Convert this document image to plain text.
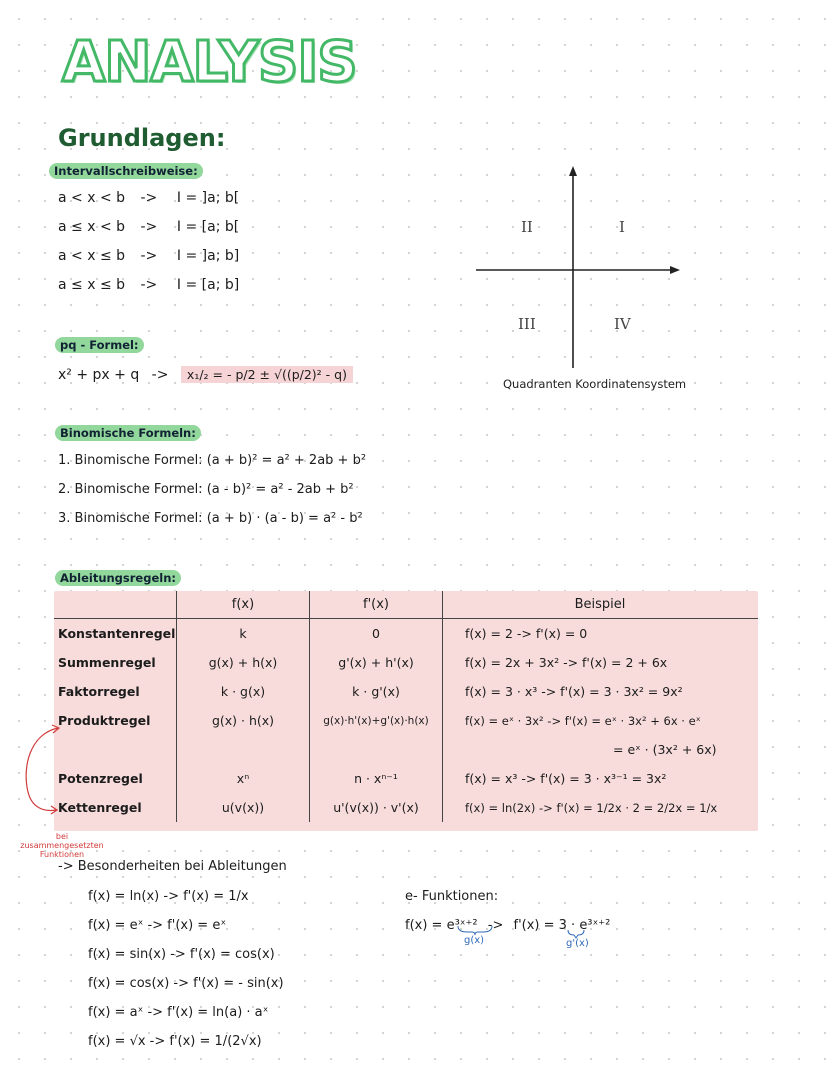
ANALYSIS
Grundlagen:
Intervallschreibweise:
a < x < b -> I = ]a; b[
a ≤ x < b -> I = [a; b[
a < x ≤ b -> I = ]a; b]
a ≤ x ≤ b -> I = [a; b]
I
II
III	IV
Quadranten Koordinatensystem
pq - Formel:
x² + px + q -> x₁/₂ = - p/2 ± √((p/2)² - q)
Binomische Formeln:
1. Binomische Formel: (a + b)² = a² + 2ab + b²
2. Binomische Formel: (a - b)² = a² - 2ab + b²
3. Binomische Formel: (a + b) · (a - b) = a² - b²
Ableitungsregeln:
	f(x)	f'(x)	Beispiel
Konstantenregel	k	0	f(x) = 2 -> f'(x) = 0
Summenregel	g(x) + h(x)	g'(x) + h'(x)	f(x) = 2x + 3x² -> f'(x) = 2 + 6x
Faktorregel	k · g(x)	k · g'(x)	f(x) = 3 · x³ -> f'(x) = 3 · 3x² = 9x²
Produktregel	g(x) · h(x)	g(x)·h'(x)+g'(x)·h(x)	f(x) = eˣ · 3x² -> f'(x) = eˣ · 3x² + 6x · eˣ
			= eˣ · (3x² + 6x)
Potenzregel	xⁿ	n · xⁿ⁻¹	f(x) = x³ -> f'(x) = 3 · x³⁻¹ = 3x²
Kettenregel	u(v(x))	u'(v(x)) · v'(x)	f(x) = ln(2x) -> f'(x) = 1/2x · 2 = 2/2x = 1/x
bei zusammengesetzten Funktionen
-> Besonderheiten bei Ableitungen
f(x) = ln(x) -> f'(x) = 1/x
f(x) = eˣ -> f'(x) = eˣ
f(x) = sin(x) -> f'(x) = cos(x)
f(x) = cos(x) -> f'(x) = - sin(x)
f(x) = aˣ -> f'(x) = ln(a) · aˣ
f(x) = √x -> f'(x) = 1/(2√x)
e- Funktionen:
f(x) = e³ˣ⁺² -> f'(x) = 3 · e³ˣ⁺²
g(x)	g'(x)
